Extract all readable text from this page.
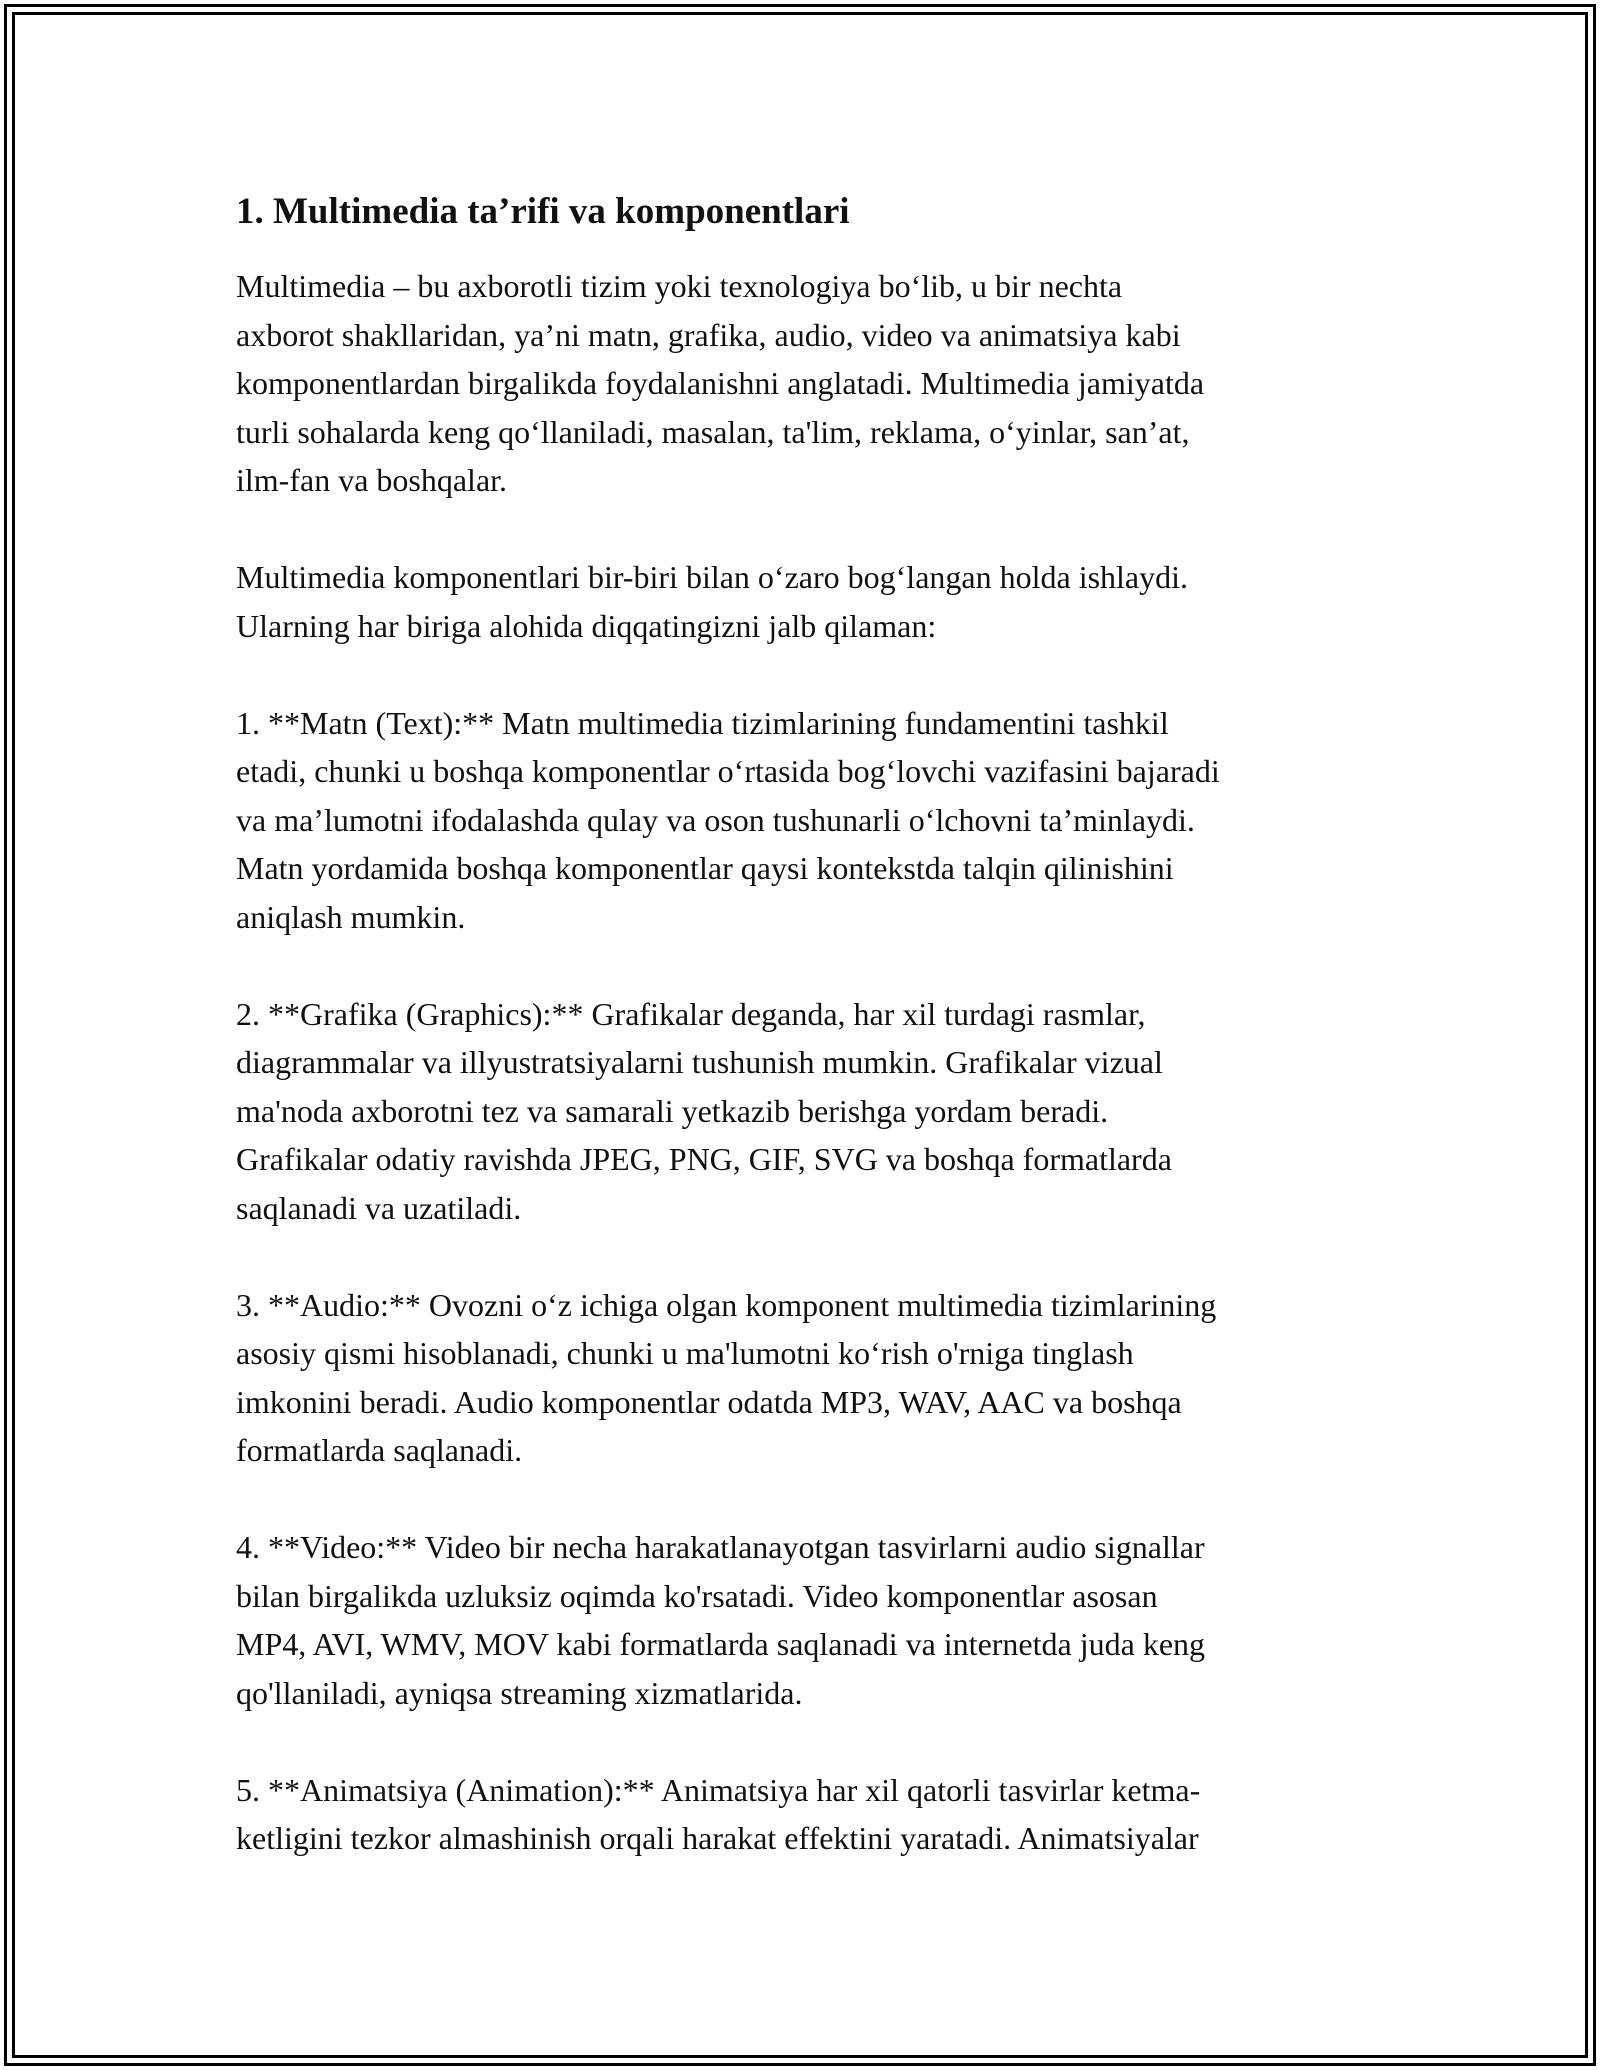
1. Multimedia ta’rifi va komponentlari
Multimedia – bu axborotli tizim yoki texnologiya bo‘lib, u bir nechta
axborot shakllaridan, ya’ni matn, grafika, audio, video va animatsiya kabi
komponentlardan birgalikda foydalanishni anglatadi. Multimedia jamiyatda
turli sohalarda keng qo‘llaniladi, masalan, ta'lim, reklama, o‘yinlar, san’at,
ilm-fan va boshqalar.
Multimedia komponentlari bir-biri bilan o‘zaro bog‘langan holda ishlaydi.
Ularning har biriga alohida diqqatingizni jalb qilaman:
1. **Matn (Text):** Matn multimedia tizimlarining fundamentini tashkil
etadi, chunki u boshqa komponentlar o‘rtasida bog‘lovchi vazifasini bajaradi
va ma’lumotni ifodalashda qulay va oson tushunarli o‘lchovni ta’minlaydi.
Matn yordamida boshqa komponentlar qaysi kontekstda talqin qilinishini
aniqlash mumkin.
2. **Grafika (Graphics):** Grafikalar deganda, har xil turdagi rasmlar,
diagrammalar va illyustratsiyalarni tushunish mumkin. Grafikalar vizual
ma'noda axborotni tez va samarali yetkazib berishga yordam beradi.
Grafikalar odatiy ravishda JPEG, PNG, GIF, SVG va boshqa formatlarda
saqlanadi va uzatiladi.
3. **Audio:** Ovozni o‘z ichiga olgan komponent multimedia tizimlarining
asosiy qismi hisoblanadi, chunki u ma'lumotni ko‘rish o'rniga tinglash
imkonini beradi. Audio komponentlar odatda MP3, WAV, AAC va boshqa
formatlarda saqlanadi.
4. **Video:** Video bir necha harakatlanayotgan tasvirlarni audio signallar
bilan birgalikda uzluksiz oqimda ko'rsatadi. Video komponentlar asosan
MP4, AVI, WMV, MOV kabi formatlarda saqlanadi va internetda juda keng
qo'llaniladi, ayniqsa streaming xizmatlarida.
5. **Animatsiya (Animation):** Animatsiya har xil qatorli tasvirlar ketma-
ketligini tezkor almashinish orqali harakat effektini yaratadi. Animatsiyalar
